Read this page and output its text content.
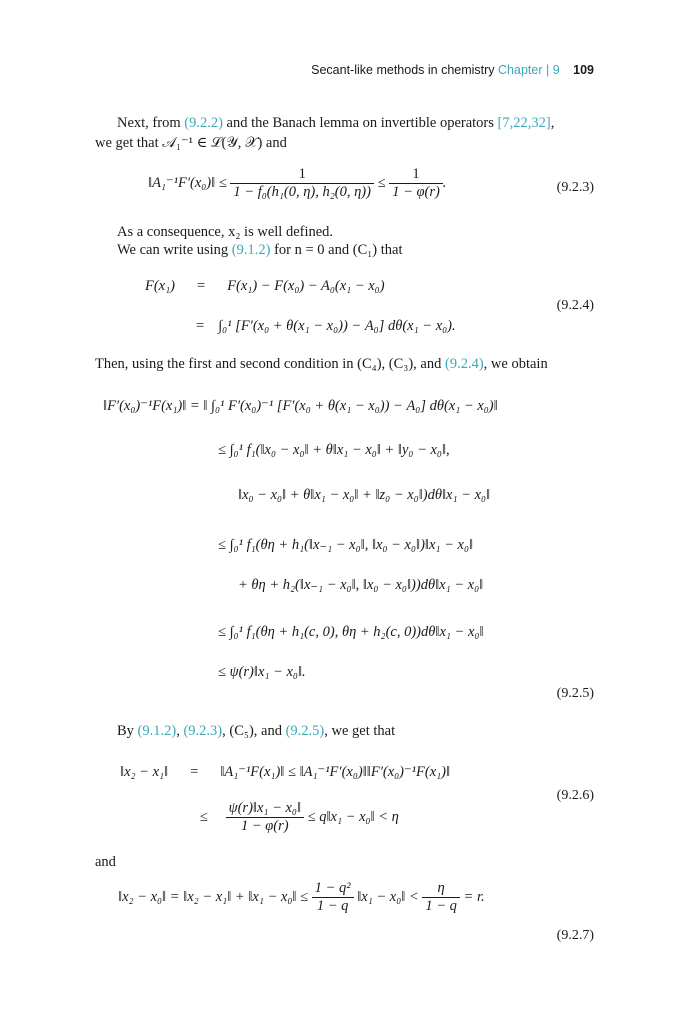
Secant-like methods in chemistry Chapter | 9 109
Next, from (9.2.2) and the Banach lemma on invertible operators [7,22,32],
we get that 𝒜₁⁻¹ ∈ ℒ(𝒴, 𝒳) and
‖A₁⁻¹F′(x₀)‖ ≤ $\frac{1}{\text{1 − f₀(h₁(0, η), h₂(0, η))}} \le \frac{1}{1 - \varphi(r)}$ .	(9.2.3)
As a consequence, x₂ is well defined.
We can write using (9.1.2) for n = 0 and (C₁) that
F(x₁) = F(x₁) − F(x₀) − A₀(x₁ − x₀)
(9.2.4)
= ∫₀¹ [F′(x₀ + θ(x₁ − x₀)) − A₀] dθ(x₁ − x₀).
Then, using the first and second condition in (C₄), (C₃), and (9.2.4), we obtain
‖F′(x₀)⁻¹F(x₁)‖ = ‖ ∫₀¹ F′(x₀)⁻¹ [F′(x₀ + θ(x₁ − x₀)) − A₀] dθ(x₁ − x₀)‖
≤ ∫₀¹ f₁(‖x₀ − x₀‖ + θ‖x₁ − x₀‖ + ‖y₀ − x₀‖,
‖x₀ − x₀‖ + θ‖x₁ − x₀‖ + ‖z₀ − x₀‖)dθ‖x₁ − x₀‖
≤ ∫₀¹ f₁(θη + h₁(‖x₋₁ − x₀‖, ‖x₀ − x₀‖)‖x₁ − x₀‖
+ θη + h₂(‖x₋₁ − x₀‖, ‖x₀ − x₀‖))dθ‖x₁ − x₀‖
≤ ∫₀¹ f₁(θη + h₁(c, 0), θη + h₂(c, 0))dθ‖x₁ − x₀‖
≤ ψ(r)‖x₁ − x₀‖.
(9.2.5)
By (9.1.2), (9.2.3), (C₅), and (9.2.5), we get that
‖x₂ − x₁‖ = ‖A₁⁻¹F(x₁)‖ ≤ ‖A₁⁻¹F′(x₀)‖‖F′(x₀)⁻¹F(x₁)‖
(9.2.6)
≤ $\frac{\text{ψ(r)‖x₁ − x₀‖}}{1 - \varphi(r)}$ ≤ q‖x₁ − x₀‖ < η
and
‖x₂ − x₀‖ = ‖x₂ − x₁‖ + ‖x₁ − x₀‖ ≤ $\frac{\text{1 − q²}}{1 - q}$ ‖x₁ − x₀‖ < $\frac{\eta}{1 - q} = r$.
(9.2.7)
